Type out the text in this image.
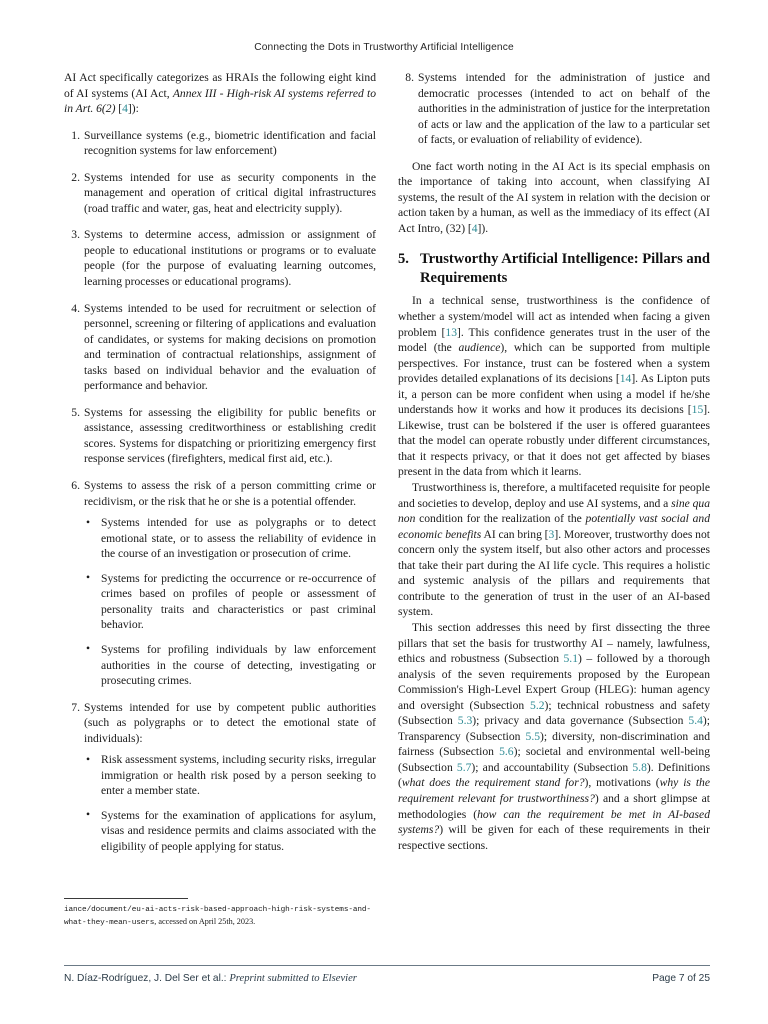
Connecting the Dots in Trustworthy Artificial Intelligence

AI Act specifically categorizes as HRAIs the following eight kind of AI systems (AI Act, Annex III - High-risk AI systems referred to in Art. 6(2) [4]):

1. Surveillance systems (e.g., biometric identification and facial recognition systems for law enforcement)
2. Systems intended for use as security components in the management and operation of critical digital infrastructures (road traffic and water, gas, heat and electricity supply).
3. Systems to determine access, admission or assignment of people to educational institutions or programs or to evaluate people (for the purpose of evaluating learning outcomes, learning processes or educational programs).
4. Systems intended to be used for recruitment or selection of personnel, screening or filtering of applications and evaluation of candidates, or systems for making decisions on promotion and termination of contractual relationships, assignment of tasks based on individual behavior and the evaluation of performance and behavior.
5. Systems for assessing the eligibility for public benefits or assistance, assessing creditworthiness or establishing credit scores. Systems for dispatching or prioritizing emergency first response services (firefighters, medical first aid, etc.).
6. Systems to assess the risk of a person committing crime or recidivism, or the risk that he or she is a potential offender.
• Systems intended for use as polygraphs or to detect emotional state, or to assess the reliability of evidence in the course of an investigation or prosecution of crime.
• Systems for predicting the occurrence or re-occurrence of crimes based on profiles of people or assessment of personality traits and characteristics or past criminal behavior.
• Systems for profiling individuals by law enforcement authorities in the course of detecting, investigating or prosecuting crimes.
7. Systems intended for use by competent public authorities (such as polygraphs or to detect the emotional state of individuals):
• Risk assessment systems, including security risks, irregular immigration or health risk posed by a person seeking to enter a member state.
• Systems for the examination of applications for asylum, visas and residence permits and claims associated with the eligibility of people applying for status.
iance/document/eu-ai-acts-risk-based-approach-high-risk-systems-and-what-they-mean-users, accessed on April 25th, 2023.
8. Systems intended for the administration of justice and democratic processes (intended to act on behalf of the authorities in the administration of justice for the interpretation of acts or law and the application of the law to a particular set of facts, or evaluation of reliability of evidence).

One fact worth noting in the AI Act is its special emphasis on the importance of taking into account, when classifying AI systems, the result of the AI system in relation with the decision or action taken by a human, as well as the immediacy of its effect (AI Act Intro, (32) [4]).

5. Trustworthy Artificial Intelligence: Pillars and Requirements

In a technical sense, trustworthiness is the confidence of whether a system/model will act as intended when facing a given problem [13]. This confidence generates trust in the user of the model (the audience), which can be supported from multiple perspectives. For instance, trust can be fostered when a system provides detailed explanations of its decisions [14]. As Lipton puts it, a person can be more confident when using a model if he/she understands how it works and how it produces its decisions [15]. Likewise, trust can be bolstered if the user is offered guarantees that the model can operate robustly under different circumstances, that it respects privacy, or that it does not get affected by biases present in the data from which it learns.

Trustworthiness is, therefore, a multifaceted requisite for people and societies to develop, deploy and use AI systems, and a sine qua non condition for the realization of the potentially vast social and economic benefits AI can bring [3]. Moreover, trustworthy does not concern only the system itself, but also other actors and processes that take their part during the AI life cycle. This requires a holistic and systemic analysis of the pillars and requirements that contribute to the generation of trust in the user of an AI-based system.

This section addresses this need by first dissecting the three pillars that set the basis for trustworthy AI – namely, lawfulness, ethics and robustness (Subsection 5.1) – followed by a thorough analysis of the seven requirements proposed by the European Commission's High-Level Expert Group (HLEG): human agency and oversight (Subsection 5.2); technical robustness and safety (Subsection 5.3); privacy and data governance (Subsection 5.4); Transparency (Subsection 5.5); diversity, non-discrimination and fairness (Subsection 5.6); societal and environmental well-being (Subsection 5.7); and accountability (Subsection 5.8). Definitions (what does the requirement stand for?), motivations (why is the requirement relevant for trustworthiness?) and a short glimpse at methodologies (how can the requirement be met in AI-based systems?) will be given for each of these requirements in their respective sections.

N. Díaz-Rodríguez, J. Del Ser et al.: Preprint submitted to Elsevier	Page 7 of 25
